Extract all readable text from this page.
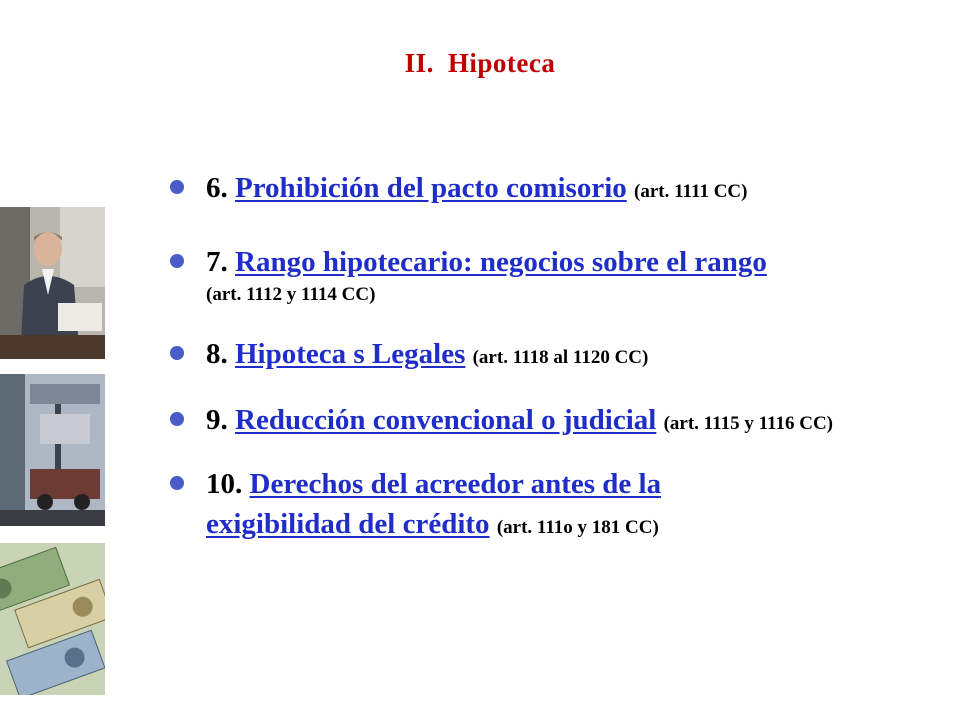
II. Hipoteca
6. Prohibición del pacto comisorio (art. 1111 CC)
7. Rango hipotecario: negocios sobre el rango
(art. 1112 y 1114 CC)
8. Hipoteca s Legales (art. 1118 al 1120 CC)
9. Reducción convencional o judicial (art. 1115 y 1116 CC)
10. Derechos del acreedor antes de la
exigibilidad del crédito (art. 111o y 181 CC)
